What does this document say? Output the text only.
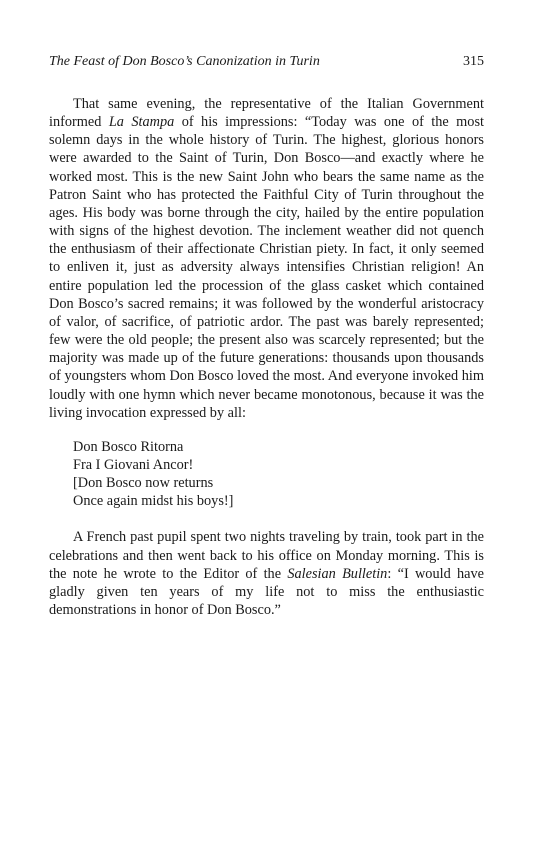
The Feast of Don Bosco’s Canonization in Turin	315

That same evening, the representative of the Italian Government informed La Stampa of his impressions: “Today was one of the most solemn days in the whole history of Turin. The highest, glorious honors were awarded to the Saint of Turin, Don Bosco—and exactly where he worked most. This is the new Saint John who bears the same name as the Patron Saint who has protected the Faithful City of Turin throughout the ages. His body was borne through the city, hailed by the entire population with signs of the highest devotion. The inclement weather did not quench the enthusiasm of their affectionate Christian piety. In fact, it only seemed to enliven it, just as adversity always intensifies Christian religion! An entire population led the procession of the glass casket which contained Don Bosco’s sacred remains; it was followed by the wonderful aristocracy of valor, of sacrifice, of patriotic ardor. The past was barely represented; few were the old people; the present also was scarcely represented; but the majority was made up of the future generations: thousands upon thousands of youngsters whom Don Bosco loved the most. And everyone invoked him loudly with one hymn which never became monotonous, because it was the living invocation expressed by all:

Don Bosco Ritorna
Fra I Giovani Ancor!
[Don Bosco now returns
Once again midst his boys!]

A French past pupil spent two nights traveling by train, took part in the celebrations and then went back to his office on Monday morning. This is the note he wrote to the Editor of the Salesian Bulletin: “I would have gladly given ten years of my life not to miss the enthusiastic demonstrations in honor of Don Bosco.”
